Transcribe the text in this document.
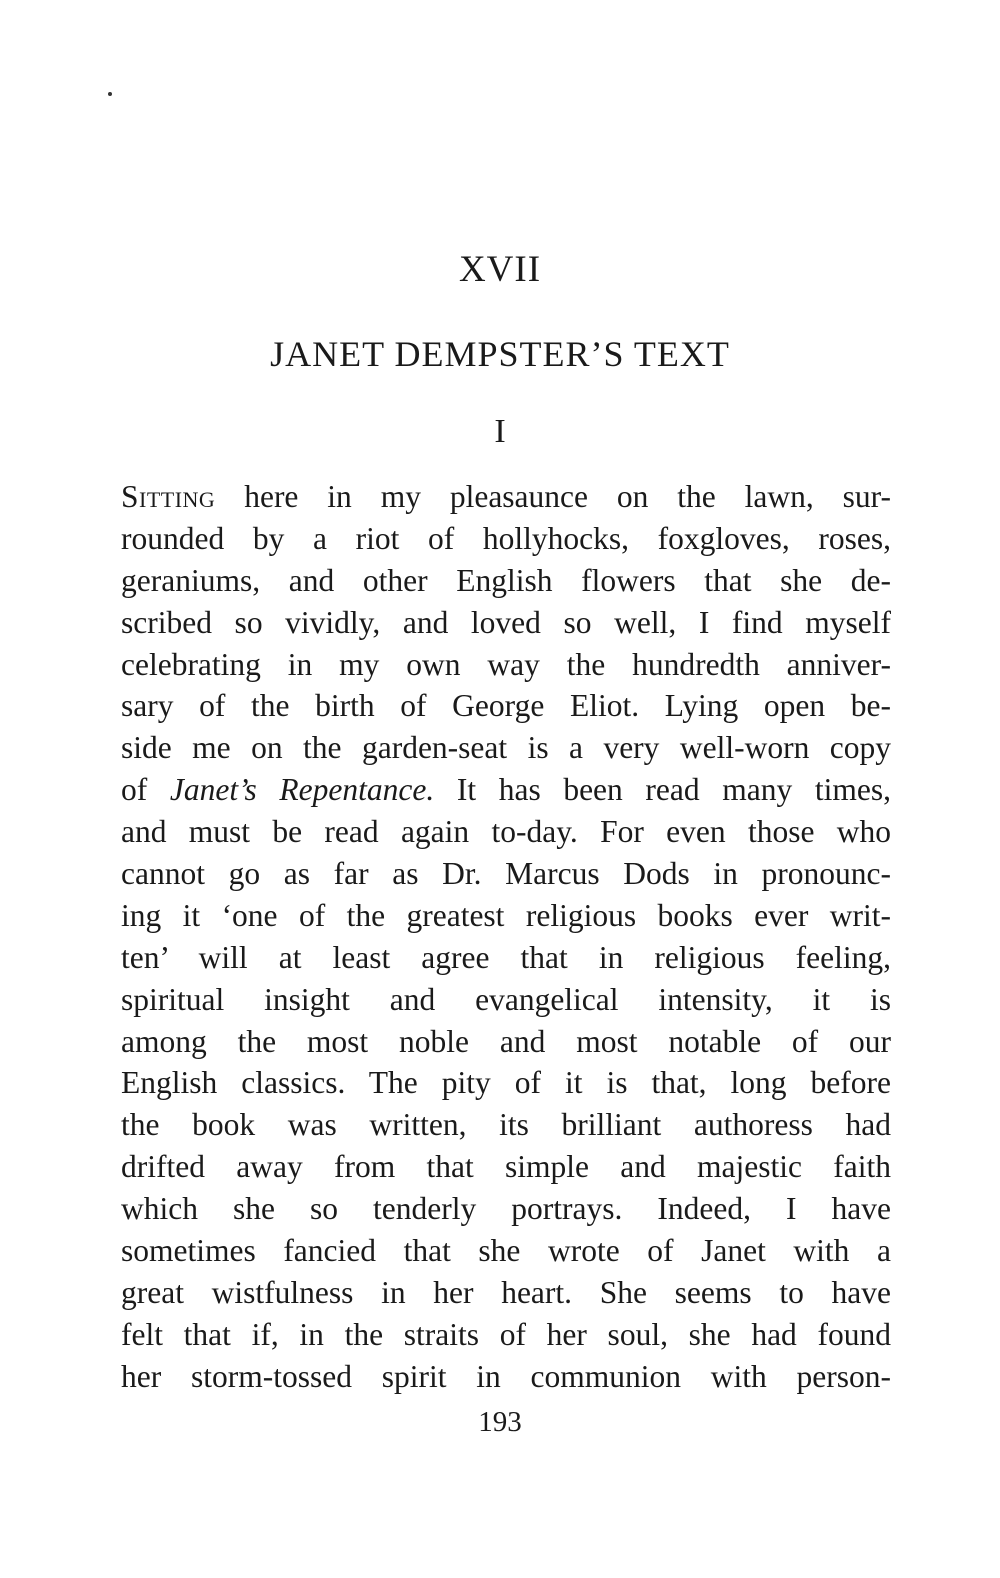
XVII
JANET DEMPSTER’S TEXT
I
Sitting here in my pleasaunce on the lawn, sur-
rounded by a riot of hollyhocks, foxgloves, roses,
geraniums, and other English flowers that she de-
scribed so vividly, and loved so well, I find myself
celebrating in my own way the hundredth anniver-
sary of the birth of George Eliot. Lying open be-
side me on the garden-seat is a very well-worn copy
of Janet’s Repentance. It has been read many times,
and must be read again to-day. For even those who
cannot go as far as Dr. Marcus Dods in pronounc-
ing it ‘one of the greatest religious books ever writ-
ten’ will at least agree that in religious feeling,
spiritual insight and evangelical intensity, it is
among the most noble and most notable of our
English classics. The pity of it is that, long before
the book was written, its brilliant authoress had
drifted away from that simple and majestic faith
which she so tenderly portrays. Indeed, I have
sometimes fancied that she wrote of Janet with a
great wistfulness in her heart. She seems to have
felt that if, in the straits of her soul, she had found
her storm-tossed spirit in communion with person-
193
